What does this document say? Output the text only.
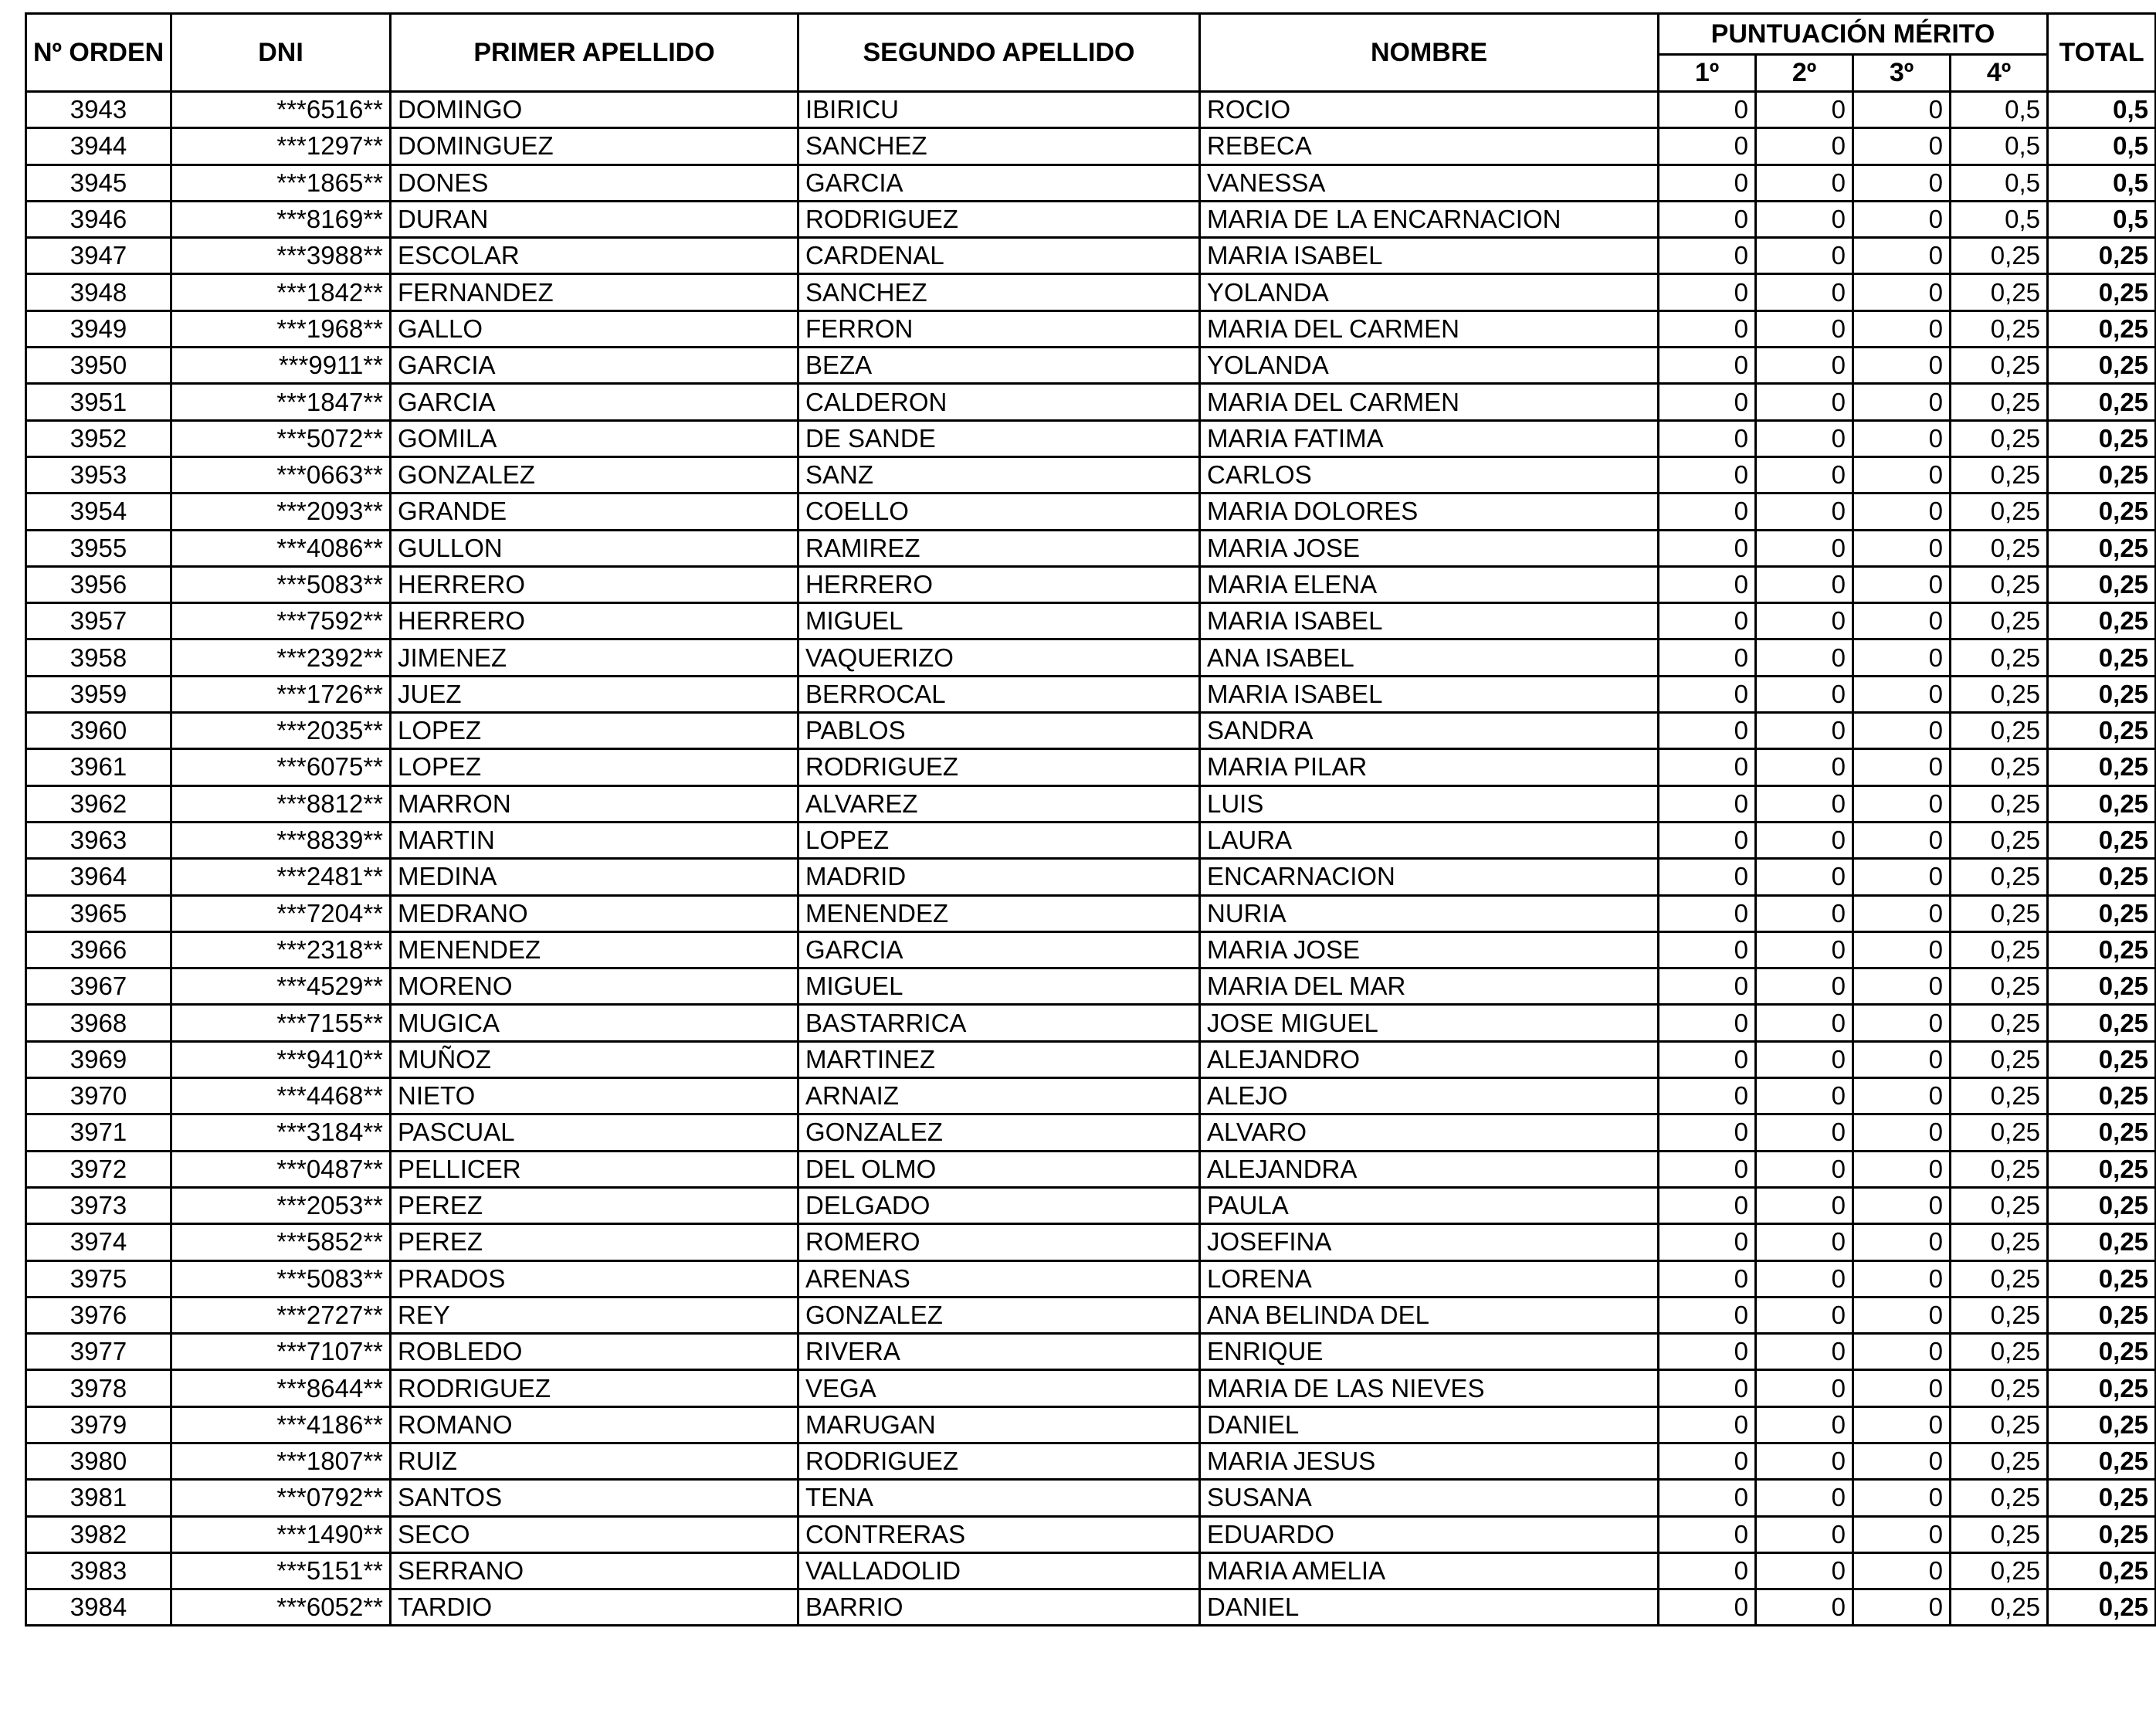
Nº ORDEN	DNI	PRIMER APELLIDO	SEGUNDO APELLIDO	NOMBRE	PUNTUACIÓN MÉRITO				TOTAL
					1º	2º	3º	4º	
3943	***6516**	DOMINGO	IBIRICU	ROCIO	0	0	0	0,5	0,5
3944	***1297**	DOMINGUEZ	SANCHEZ	REBECA	0	0	0	0,5	0,5
3945	***1865**	DONES	GARCIA	VANESSA	0	0	0	0,5	0,5
3946	***8169**	DURAN	RODRIGUEZ	MARIA DE LA ENCARNACION	0	0	0	0,5	0,5
3947	***3988**	ESCOLAR	CARDENAL	MARIA ISABEL	0	0	0	0,25	0,25
3948	***1842**	FERNANDEZ	SANCHEZ	YOLANDA	0	0	0	0,25	0,25
3949	***1968**	GALLO	FERRON	MARIA DEL CARMEN	0	0	0	0,25	0,25
3950	***9911**	GARCIA	BEZA	YOLANDA	0	0	0	0,25	0,25
3951	***1847**	GARCIA	CALDERON	MARIA DEL CARMEN	0	0	0	0,25	0,25
3952	***5072**	GOMILA	DE SANDE	MARIA FATIMA	0	0	0	0,25	0,25
3953	***0663**	GONZALEZ	SANZ	CARLOS	0	0	0	0,25	0,25
3954	***2093**	GRANDE	COELLO	MARIA DOLORES	0	0	0	0,25	0,25
3955	***4086**	GULLON	RAMIREZ	MARIA JOSE	0	0	0	0,25	0,25
3956	***5083**	HERRERO	HERRERO	MARIA ELENA	0	0	0	0,25	0,25
3957	***7592**	HERRERO	MIGUEL	MARIA ISABEL	0	0	0	0,25	0,25
3958	***2392**	JIMENEZ	VAQUERIZO	ANA ISABEL	0	0	0	0,25	0,25
3959	***1726**	JUEZ	BERROCAL	MARIA ISABEL	0	0	0	0,25	0,25
3960	***2035**	LOPEZ	PABLOS	SANDRA	0	0	0	0,25	0,25
3961	***6075**	LOPEZ	RODRIGUEZ	MARIA PILAR	0	0	0	0,25	0,25
3962	***8812**	MARRON	ALVAREZ	LUIS	0	0	0	0,25	0,25
3963	***8839**	MARTIN	LOPEZ	LAURA	0	0	0	0,25	0,25
3964	***2481**	MEDINA	MADRID	ENCARNACION	0	0	0	0,25	0,25
3965	***7204**	MEDRANO	MENENDEZ	NURIA	0	0	0	0,25	0,25
3966	***2318**	MENENDEZ	GARCIA	MARIA JOSE	0	0	0	0,25	0,25
3967	***4529**	MORENO	MIGUEL	MARIA DEL MAR	0	0	0	0,25	0,25
3968	***7155**	MUGICA	BASTARRICA	JOSE MIGUEL	0	0	0	0,25	0,25
3969	***9410**	MUÑOZ	MARTINEZ	ALEJANDRO	0	0	0	0,25	0,25
3970	***4468**	NIETO	ARNAIZ	ALEJO	0	0	0	0,25	0,25
3971	***3184**	PASCUAL	GONZALEZ	ALVARO	0	0	0	0,25	0,25
3972	***0487**	PELLICER	DEL OLMO	ALEJANDRA	0	0	0	0,25	0,25
3973	***2053**	PEREZ	DELGADO	PAULA	0	0	0	0,25	0,25
3974	***5852**	PEREZ	ROMERO	JOSEFINA	0	0	0	0,25	0,25
3975	***5083**	PRADOS	ARENAS	LORENA	0	0	0	0,25	0,25
3976	***2727**	REY	GONZALEZ	ANA BELINDA DEL	0	0	0	0,25	0,25
3977	***7107**	ROBLEDO	RIVERA	ENRIQUE	0	0	0	0,25	0,25
3978	***8644**	RODRIGUEZ	VEGA	MARIA DE LAS NIEVES	0	0	0	0,25	0,25
3979	***4186**	ROMANO	MARUGAN	DANIEL	0	0	0	0,25	0,25
3980	***1807**	RUIZ	RODRIGUEZ	MARIA JESUS	0	0	0	0,25	0,25
3981	***0792**	SANTOS	TENA	SUSANA	0	0	0	0,25	0,25
3982	***1490**	SECO	CONTRERAS	EDUARDO	0	0	0	0,25	0,25
3983	***5151**	SERRANO	VALLADOLID	MARIA AMELIA	0	0	0	0,25	0,25
3984	***6052**	TARDIO	BARRIO	DANIEL	0	0	0	0,25	0,25
